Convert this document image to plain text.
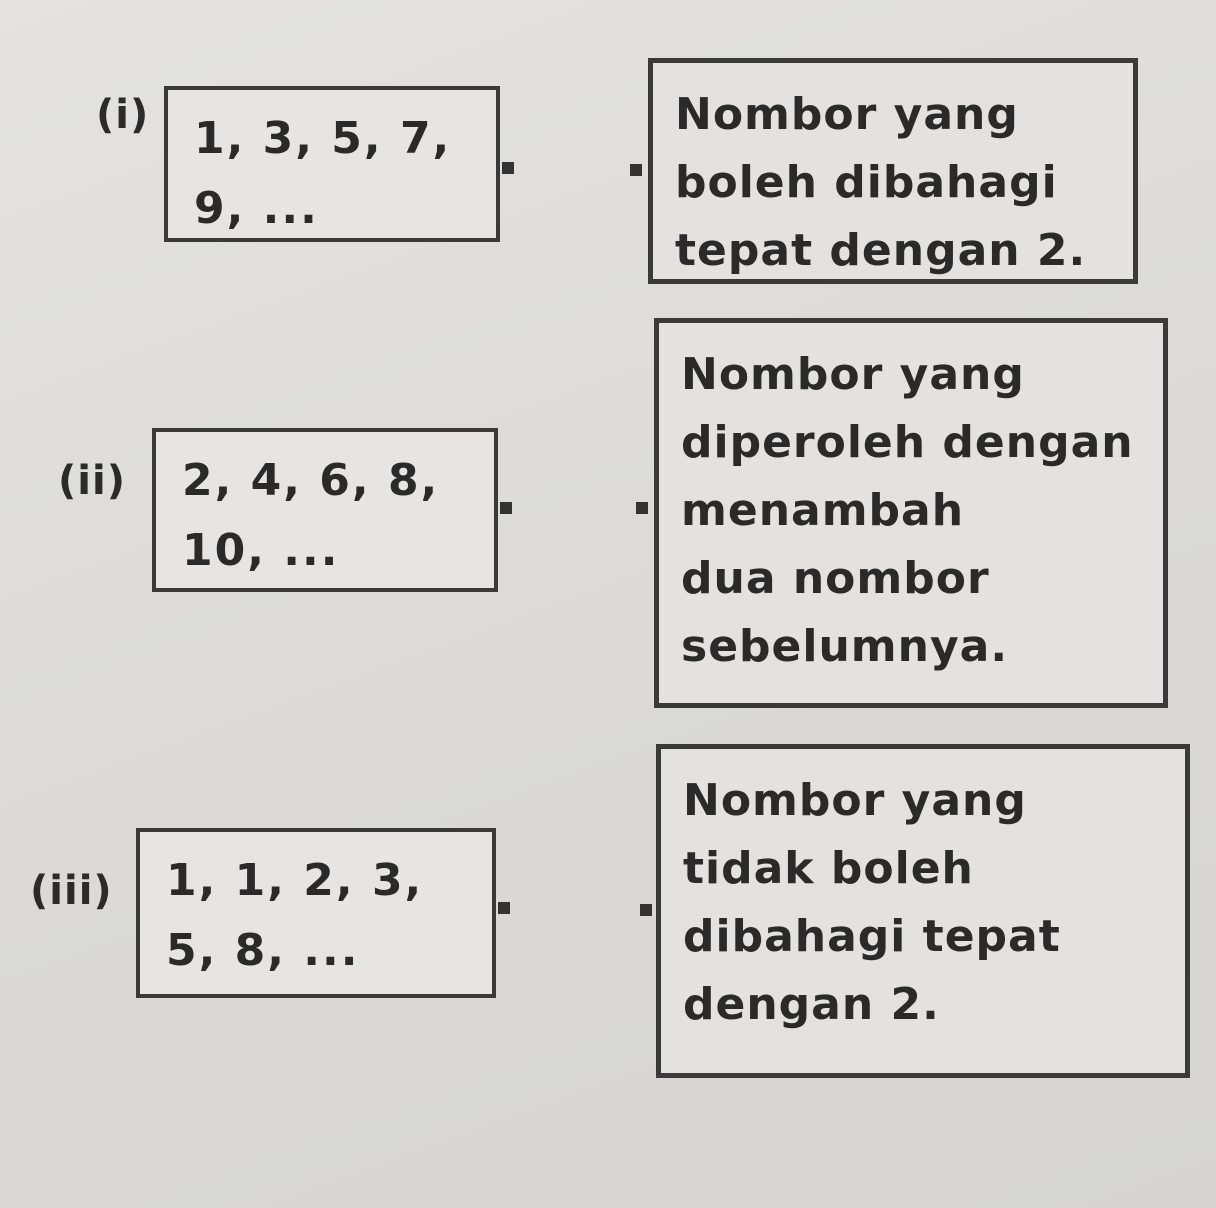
(i) 1, 3, 5, 7,
9, ...
Nombor yang
boleh dibahagi
tepat dengan 2.
(ii) 2, 4, 6, 8,
10, ...
Nombor yang
diperoleh dengan
menambah
dua nombor
sebelumnya.
(iii) 1, 1, 2, 3,
5, 8, ...
Nombor yang
tidak boleh
dibahagi tepat
dengan 2.
